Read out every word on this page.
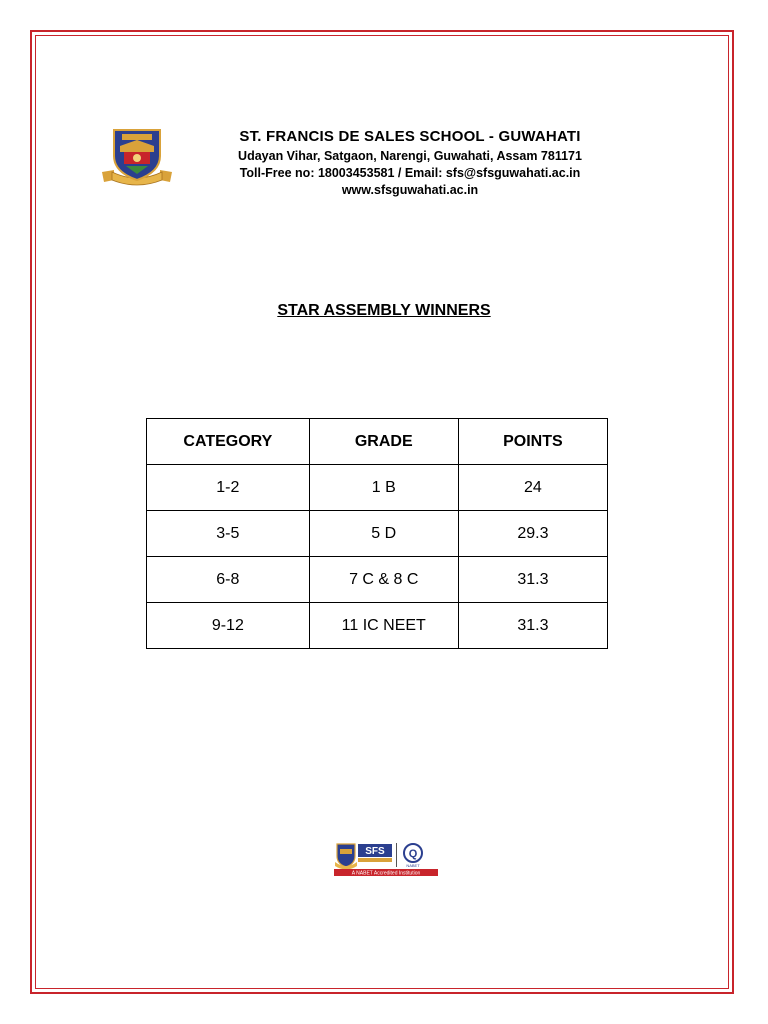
ST. FRANCIS DE SALES SCHOOL - GUWAHATI
Udayan Vihar, Satgaon, Narengi, Guwahati, Assam 781171
Toll-Free no: 18003453581 / Email: sfs@sfsguwahati.ac.in
www.sfsguwahati.ac.in
STAR ASSEMBLY WINNERS
CATEGORY	GRADE	POINTS
1-2	1 B	24
3-5	5 D	29.3
6-8	7 C & 8 C	31.3
9-12	11 IC NEET	31.3
SFS Q
NABET
A NABET Accredited Institution
